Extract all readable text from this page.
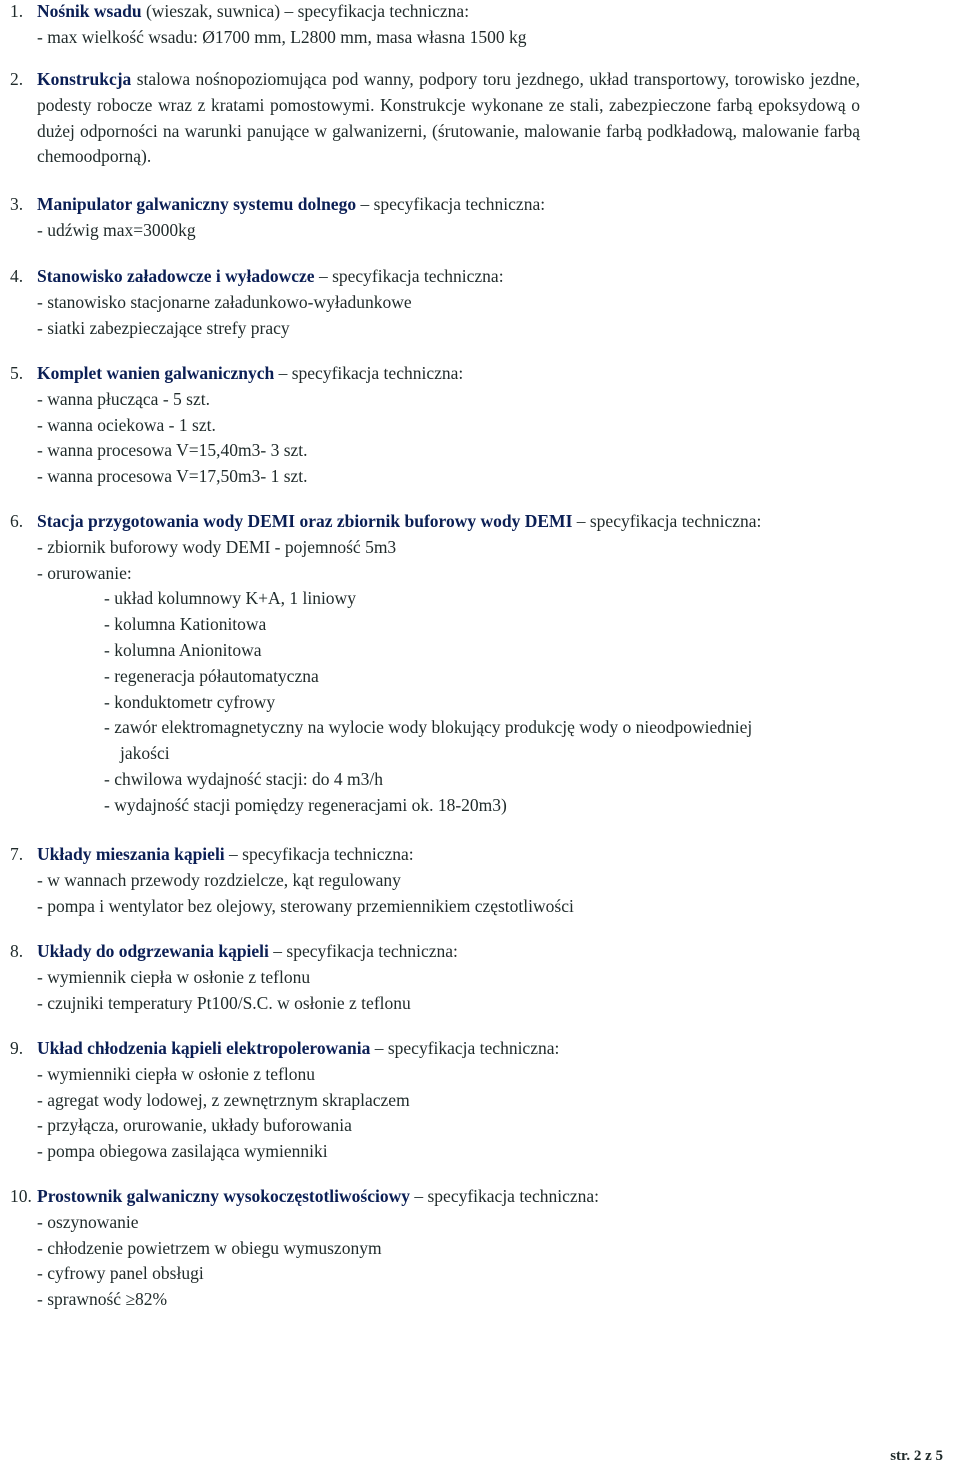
1. Nośnik wsadu (wieszak, suwnica) – specyfikacja techniczna:
- max wielkość wsadu: Ø1700 mm, L2800 mm, masa własna 1500 kg
2. Konstrukcja stalowa nośnopoziomująca pod wanny, podpory toru jezdnego, układ transportowy, torowisko jezdne, podesty robocze wraz z kratami pomostowymi. Konstrukcje wykonane ze stali, zabezpieczone farbą epoksydową o dużej odporności na warunki panujące w galwanizerni, (śrutowanie, malowanie farbą podkładową, malowanie farbą chemoodporną).
3. Manipulator galwaniczny systemu dolnego – specyfikacja techniczna:
- udźwig max=3000kg
4. Stanowisko załadowcze i wyładowcze – specyfikacja techniczna:
- stanowisko stacjonarne załadunkowo-wyładunkowe
- siatki zabezpieczające strefy pracy
5. Komplet wanien galwanicznych – specyfikacja techniczna:
- wanna płucząca - 5 szt.
- wanna ociekowa - 1 szt.
- wanna procesowa V=15,40m3- 3 szt.
- wanna procesowa V=17,50m3- 1 szt.
6. Stacja przygotowania wody DEMI oraz zbiornik buforowy wody DEMI – specyfikacja techniczna:
- zbiornik buforowy wody DEMI - pojemność 5m3
- orurowanie:
- układ kolumnowy K+A, 1 liniowy
- kolumna Kationitowa
- kolumna Anionitowa
- regeneracja półautomatyczna
- konduktometr cyfrowy
- zawór elektromagnetyczny na wylocie wody blokujący produkcję wody o nieodpowiedniej
jakości
- chwilowa wydajność stacji: do 4 m3/h
- wydajność stacji pomiędzy regeneracjami ok. 18-20m3)
7. Układy mieszania kąpieli – specyfikacja techniczna:
- w wannach przewody rozdzielcze, kąt regulowany
- pompa i wentylator bez olejowy, sterowany przemiennikiem częstotliwości
8. Układy do odgrzewania kąpieli – specyfikacja techniczna:
- wymiennik ciepła w osłonie z teflonu
- czujniki temperatury Pt100/S.C. w osłonie z teflonu
9. Układ chłodzenia kąpieli elektropolerowania – specyfikacja techniczna:
- wymienniki ciepła w osłonie z teflonu
- agregat wody lodowej, z zewnętrznym skraplaczem
- przyłącza, orurowanie, układy buforowania
- pompa obiegowa zasilająca wymienniki
10. Prostownik galwaniczny wysokoczęstotliwościowy – specyfikacja techniczna:
- oszynowanie
- chłodzenie powietrzem w obiegu wymuszonym
- cyfrowy panel obsługi
- sprawność ≥82%
str. 2 z 5
